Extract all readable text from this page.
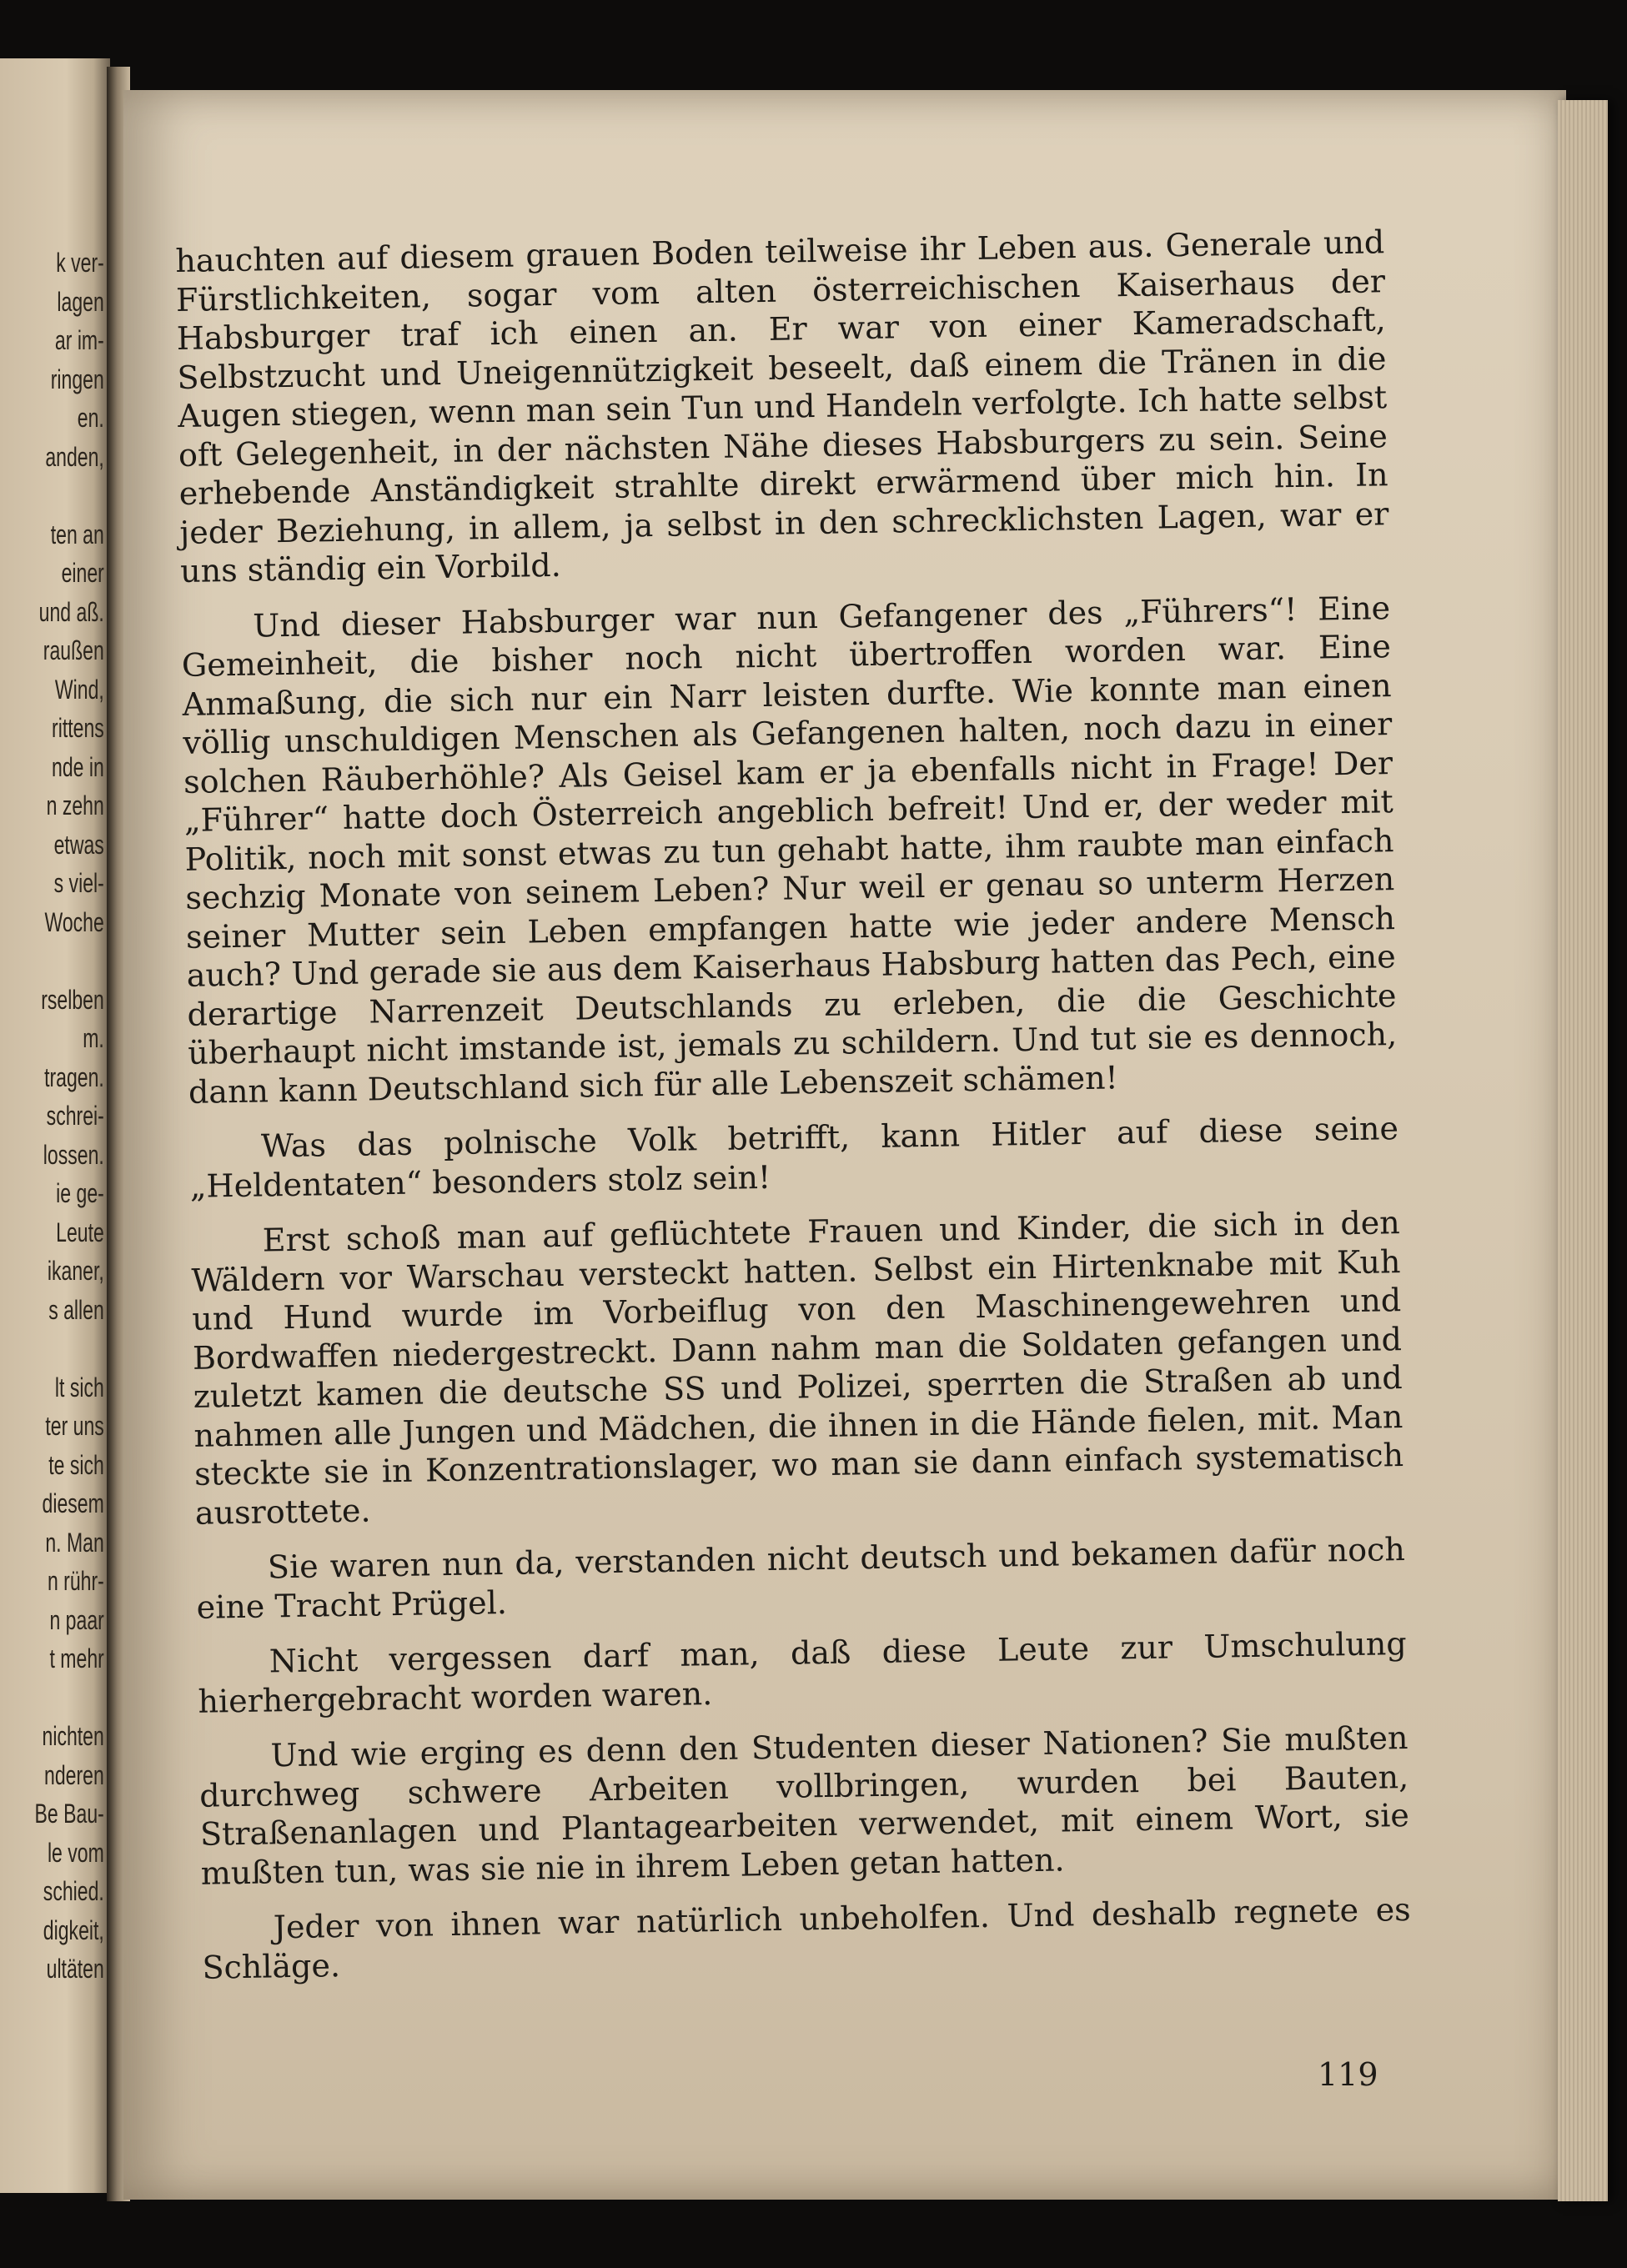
k ver-
lagen
ar im-
ringen
en.
anden,
ten an
einer
und aß.
raußen
Wind,
rittens
nde in
n zehn
etwas
s viel-
Woche
rselben
m.
tragen.
schrei-
lossen.
ie ge-
Leute
ikaner,
s allen
lt sich
ter uns
te sich
diesem
n. Man
n rühr-
n paar
t mehr
nichten
nderen
Be Bau-
le vom
schied.
digkeit,
ultäten

hauchten auf diesem grauen Boden teilweise ihr Leben aus. Generale und Fürstlichkeiten, sogar vom alten österreichischen Kaiserhaus der Habsburger traf ich einen an. Er war von einer Kameradschaft, Selbstzucht und Uneigennützigkeit beseelt, daß einem die Tränen in die Augen stiegen, wenn man sein Tun und Handeln verfolgte. Ich hatte selbst oft Gelegenheit, in der nächsten Nähe dieses Habsburgers zu sein. Seine erhebende Anständigkeit strahlte direkt erwärmend über mich hin. In jeder Beziehung, in allem, ja selbst in den schrecklichsten Lagen, war er uns ständig ein Vorbild.

Und dieser Habsburger war nun Gefangener des „Führers“! Eine Gemeinheit, die bisher noch nicht übertroffen worden war. Eine Anmaßung, die sich nur ein Narr leisten durfte. Wie konnte man einen völlig unschuldigen Menschen als Gefangenen halten, noch dazu in einer solchen Räuberhöhle? Als Geisel kam er ja ebenfalls nicht in Frage! Der „Führer“ hatte doch Österreich angeblich befreit! Und er, der weder mit Politik, noch mit sonst etwas zu tun gehabt hatte, ihm raubte man einfach sechzig Monate von seinem Leben? Nur weil er genau so unterm Herzen seiner Mutter sein Leben empfangen hatte wie jeder andere Mensch auch? Und gerade sie aus dem Kaiserhaus Habsburg hatten das Pech, eine derartige Narrenzeit Deutschlands zu erleben, die die Geschichte überhaupt nicht imstande ist, jemals zu schildern. Und tut sie es dennoch, dann kann Deutschland sich für alle Lebenszeit schämen!

Was das polnische Volk betrifft, kann Hitler auf diese seine „Heldentaten“ besonders stolz sein!

Erst schoß man auf geflüchtete Frauen und Kinder, die sich in den Wäldern vor Warschau versteckt hatten. Selbst ein Hirtenknabe mit Kuh und Hund wurde im Vorbeiflug von den Maschinengewehren und Bordwaffen niedergestreckt. Dann nahm man die Soldaten gefangen und zuletzt kamen die deutsche SS und Polizei, sperrten die Straßen ab und nahmen alle Jungen und Mädchen, die ihnen in die Hände fielen, mit. Man steckte sie in Konzentrationslager, wo man sie dann einfach systematisch ausrottete.

Sie waren nun da, verstanden nicht deutsch und bekamen dafür noch eine Tracht Prügel.

Nicht vergessen darf man, daß diese Leute zur Umschulung hierhergebracht worden waren.

Und wie erging es denn den Studenten dieser Nationen? Sie mußten durchweg schwere Arbeiten vollbringen, wurden bei Bauten, Straßenanlagen und Plantagearbeiten verwendet, mit einem Wort, sie mußten tun, was sie nie in ihrem Leben getan hatten.

Jeder von ihnen war natürlich unbeholfen. Und deshalb regnete es Schläge.

119
